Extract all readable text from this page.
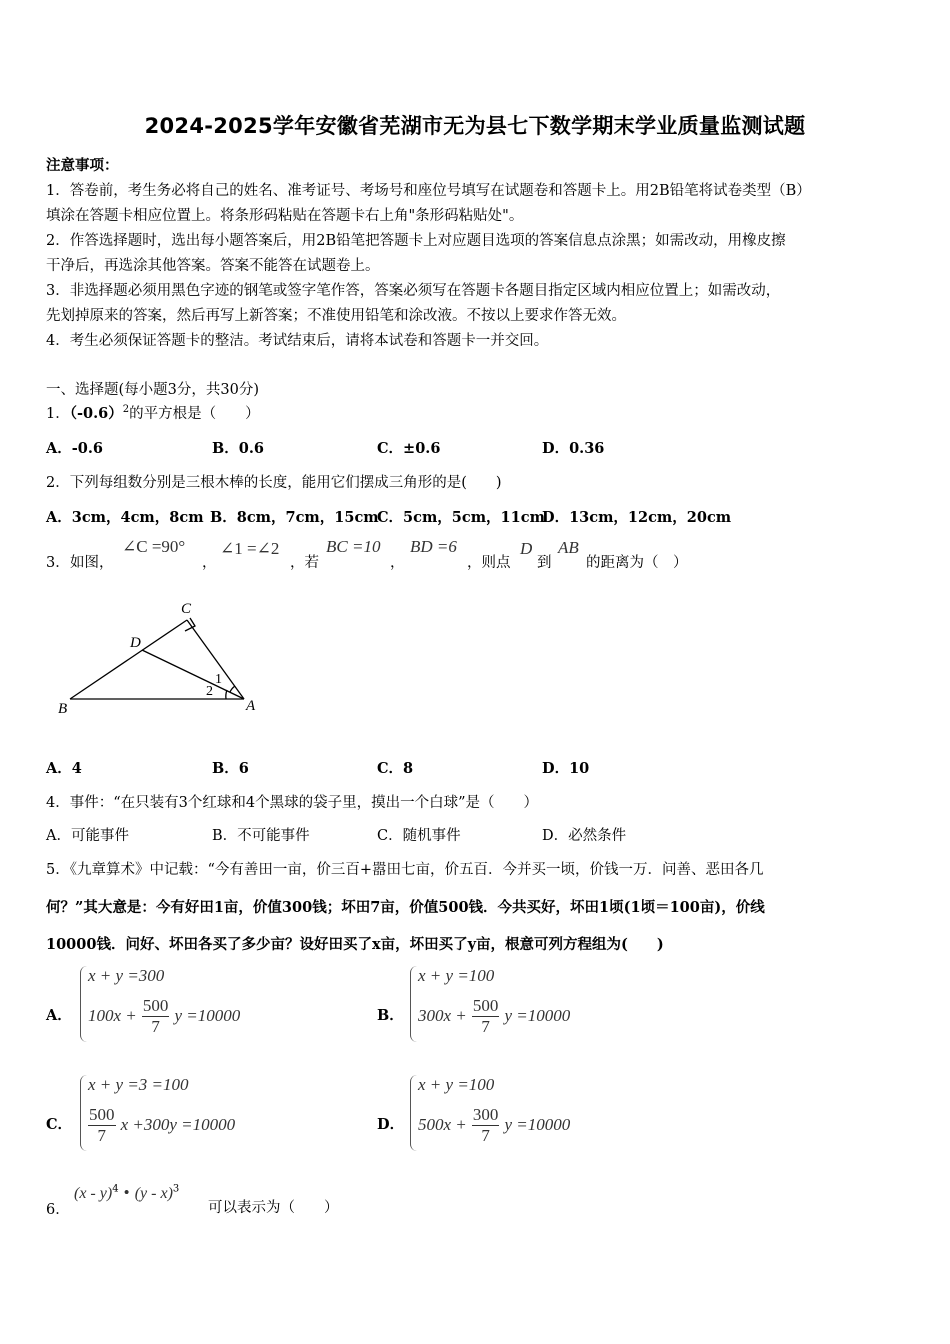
2024-2025学年安徽省芜湖市无为县七下数学期末学业质量监测试题
注意事项：
1．答卷前，考生务必将自己的姓名、准考证号、考场号和座位号填写在试题卷和答题卡上。用2B铅笔将试卷类型（B）
填涂在答题卡相应位置上。将条形码粘贴在答题卡右上角"条形码粘贴处"。
2．作答选择题时，选出每小题答案后，用2B铅笔把答题卡上对应题目选项的答案信息点涂黑；如需改动，用橡皮擦
干净后，再选涂其他答案。答案不能答在试题卷上。
3．非选择题必须用黑色字迹的钢笔或签字笔作答，答案必须写在答题卡各题目指定区域内相应位置上；如需改动，
先划掉原来的答案，然后再写上新答案；不准使用铅笔和涂改液。不按以上要求作答无效。
4．考生必须保证答题卡的整洁。考试结束后，请将本试卷和答题卡一并交回。
一、选择题(每小题3分，共30分)
1．$(-0.6)^2$的平方根是（　　）
A．-0.6	B．0.6	C．±0.6	D．0.36
2．下列每组数分别是三根木棒的长度，能用它们摆成三角形的是(　　)
A．3cm，4cm，8cm B．8cm，7cm，15cm
C．5cm，5cm，11cm
D．13cm，12cm，20cm
3． 如图，
∠C =90°
，
∠1 =∠2
，若
BC =10
，
BD =6
，则点
D
到
AB
的距离为（　）
C
D
B	A
1
2
A．4	B．6	C．8	D．10
4．事件：“在只装有3个红球和4个黑球的袋子里，摸出一个白球”是（　　）
A．可能事件	B．不可能事件	C．随机事件	D．必然条件
5．《九章算术》中记载：“今有善田一亩，价三百+嚣田七亩，价五百．今并买一顷，价钱一万．问善、恶田各几
何？”其大意是：今有好田1亩，价值300钱；坏田7亩，价值500钱．今共买好，坏田1顷(1顷＝100亩)，价线
10000钱．问好、坏田各买了多少亩？设好田买了x亩，坏田买了y亩，根意可列方程组为(　　)
A．
x + y =300
$100x + \frac{500}{7}$ y =10000	B．
x + y =100
$300x + \frac{500}{7}$ y =10000
C．
x + y =3 =100
$\frac{500}{7}$ x +300y =10000	D．
x + y =100
$500x + \frac{300}{7}$ y =10000
6．
(x - y)$^4$ • (y - x)$^3$
可以表示为（　　）
